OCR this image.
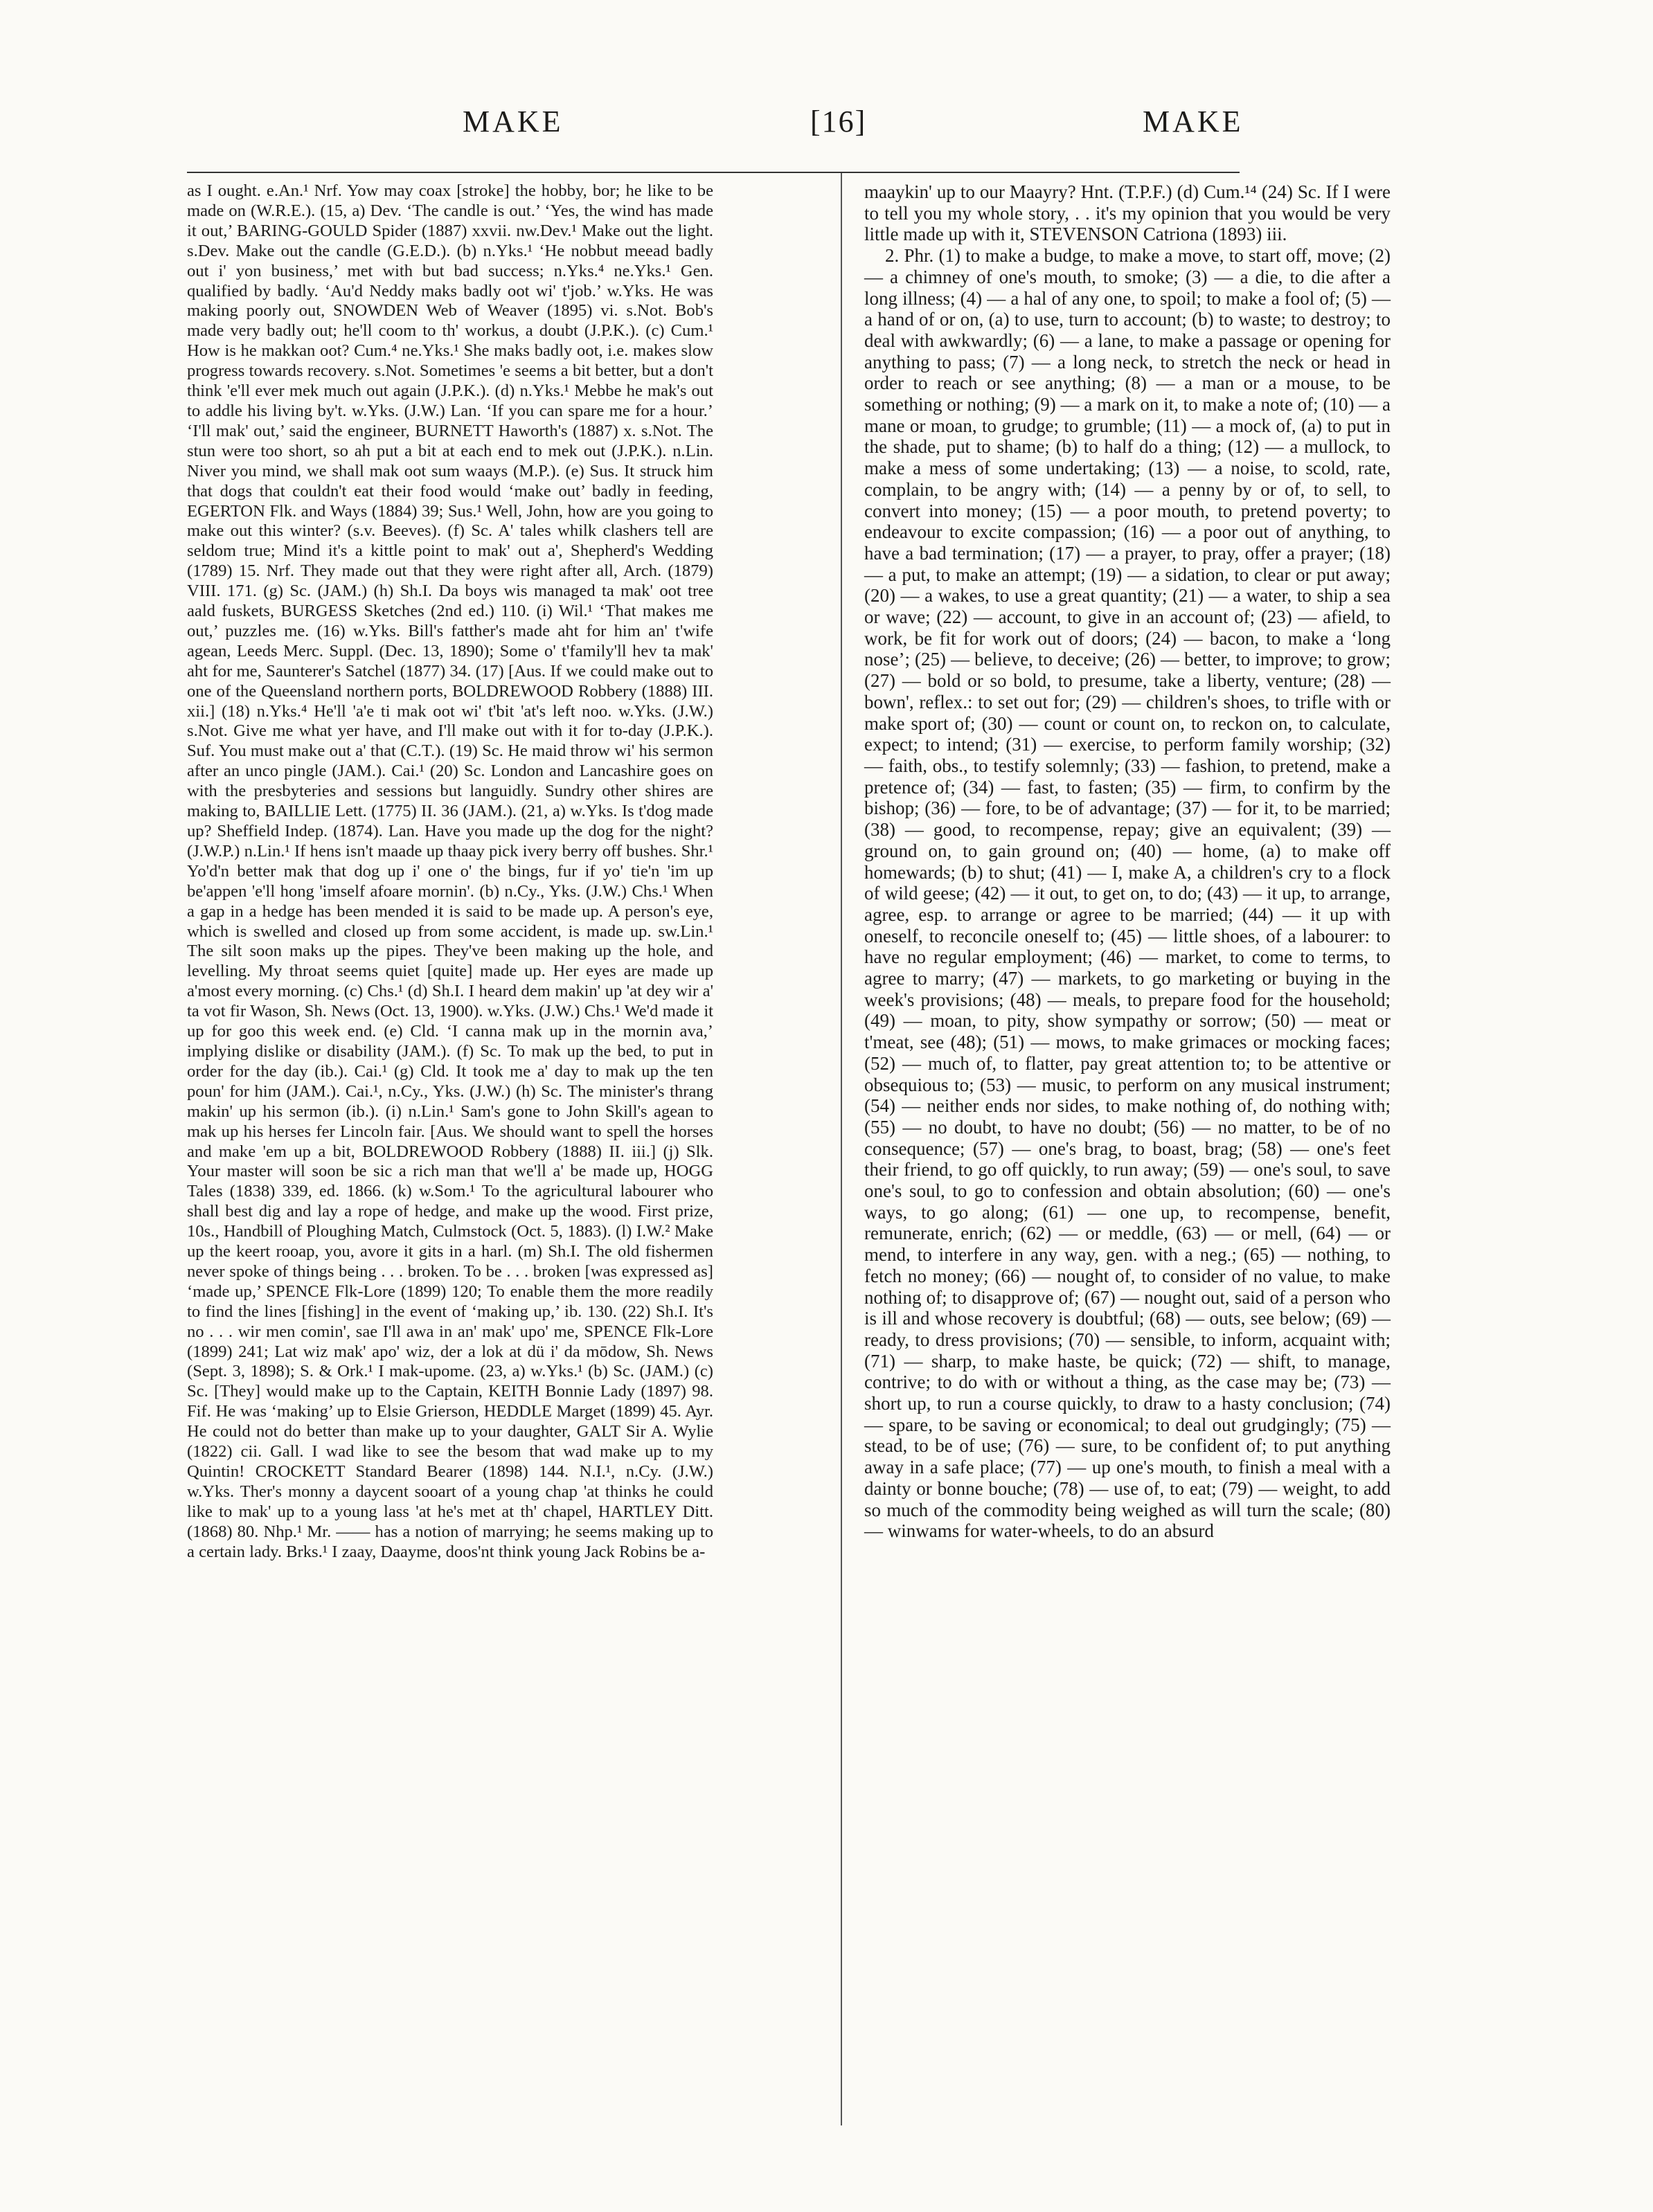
MAKE	[16]	MAKE

as I ought. e.An.¹ Nrf. Yow may coax [stroke] the hobby, bor; he like to be made on (W.R.E.). (15, a) Dev. ‘The candle is out.’ ‘Yes, the wind has made it out,’ BARING-GOULD Spider (1887) xxvii. nw.Dev.¹ Make out the light. s.Dev. Make out the candle (G.E.D.). (b) n.Yks.¹ ‘He nobbut meead badly out i' yon business,’ met with but bad success; n.Yks.⁴ ne.Yks.¹ Gen. qualified by badly. ‘Au'd Neddy maks badly oot wi' t'job.’ w.Yks. He was making poorly out, SNOWDEN Web of Weaver (1895) vi. s.Not. Bob's made very badly out; he'll coom to th' workus, a doubt (J.P.K.). (c) Cum.¹ How is he makkan oot? Cum.⁴ ne.Yks.¹ She maks badly oot, i.e. makes slow progress towards recovery. s.Not. Sometimes 'e seems a bit better, but a don't think 'e'll ever mek much out again (J.P.K.). (d) n.Yks.¹ Mebbe he mak's out to addle his living by't. w.Yks. (J.W.) Lan. ‘If you can spare me for a hour.’ ‘I'll mak' out,’ said the engineer, BURNETT Haworth's (1887) x. s.Not. The stun were too short, so ah put a bit at each end to mek out (J.P.K.). n.Lin. Niver you mind, we shall mak oot sum waays (M.P.). (e) Sus. It struck him that dogs that couldn't eat their food would ‘make out’ badly in feeding, EGERTON Flk. and Ways (1884) 39; Sus.¹ Well, John, how are you going to make out this winter? (s.v. Beeves). (f) Sc. A' tales whilk clashers tell are seldom true; Mind it's a kittle point to mak' out a', Shepherd's Wedding (1789) 15. Nrf. They made out that they were right after all, Arch. (1879) VIII. 171. (g) Sc. (JAM.) (h) Sh.I. Da boys wis managed ta mak' oot tree aald fuskets, BURGESS Sketches (2nd ed.) 110. (i) Wil.¹ ‘That makes me out,’ puzzles me. (16) w.Yks. Bill's fatther's made aht for him an' t'wife agean, Leeds Merc. Suppl. (Dec. 13, 1890); Some o' t'family'll hev ta mak' aht for me, Saunterer's Satchel (1877) 34. (17) [Aus. If we could make out to one of the Queensland northern ports, BOLDREWOOD Robbery (1888) III. xii.] (18) n.Yks.⁴ He'll 'a'e ti mak oot wi' t'bit 'at's left noo. w.Yks. (J.W.) s.Not. Give me what yer have, and I'll make out with it for to-day (J.P.K.). Suf. You must make out a' that (C.T.). (19) Sc. He maid throw wi' his sermon after an unco pingle (JAM.). Cai.¹ (20) Sc. London and Lancashire goes on with the presbyteries and sessions but languidly. Sundry other shires are making to, BAILLIE Lett. (1775) II. 36 (JAM.). (21, a) w.Yks. Is t'dog made up? Sheffield Indep. (1874). Lan. Have you made up the dog for the night? (J.W.P.) n.Lin.¹ If hens isn't maade up thaay pick ivery berry off bushes. Shr.¹ Yo'd'n better mak that dog up i' one o' the bings, fur if yo' tie'n 'im up be'appen 'e'll hong 'imself afoare mornin'. (b) n.Cy., Yks. (J.W.) Chs.¹ When a gap in a hedge has been mended it is said to be made up. A person's eye, which is swelled and closed up from some accident, is made up. sw.Lin.¹ The silt soon maks up the pipes. They've been making up the hole, and levelling. My throat seems quiet [quite] made up. Her eyes are made up a'most every morning. (c) Chs.¹ (d) Sh.I. I heard dem makin' up 'at dey wir a' ta vot fir Wason, Sh. News (Oct. 13, 1900). w.Yks. (J.W.) Chs.¹ We'd made it up for goo this week end. (e) Cld. ‘I canna mak up in the mornin ava,’ implying dislike or disability (JAM.). (f) Sc. To mak up the bed, to put in order for the day (ib.). Cai.¹ (g) Cld. It took me a' day to mak up the ten poun' for him (JAM.). Cai.¹, n.Cy., Yks. (J.W.) (h) Sc. The minister's thrang makin' up his sermon (ib.). (i) n.Lin.¹ Sam's gone to John Skill's agean to mak up his herses fer Lincoln fair. [Aus. We should want to spell the horses and make 'em up a bit, BOLDREWOOD Robbery (1888) II. iii.] (j) Slk. Your master will soon be sic a rich man that we'll a' be made up, HOGG Tales (1838) 339, ed. 1866. (k) w.Som.¹ To the agricultural labourer who shall best dig and lay a rope of hedge, and make up the wood. First prize, 10s., Handbill of Ploughing Match, Culmstock (Oct. 5, 1883). (l) I.W.² Make up the keert rooap, you, avore it gits in a harl. (m) Sh.I. The old fishermen never spoke of things being . . . broken. To be . . . broken [was expressed as] ‘made up,’ SPENCE Flk-Lore (1899) 120; To enable them the more readily to find the lines [fishing] in the event of ‘making up,’ ib. 130. (22) Sh.I. It's no . . . wir men comin', sae I'll awa in an' mak' upo' me, SPENCE Flk-Lore (1899) 241; Lat wiz mak' apo' wiz, der a lok at dü i' da mōdow, Sh. News (Sept. 3, 1898); S. & Ork.¹ I mak-upome. (23, a) w.Yks.¹ (b) Sc. (JAM.) (c) Sc. [They] would make up to the Captain, KEITH Bonnie Lady (1897) 98. Fif. He was ‘making’ up to Elsie Grierson, HEDDLE Marget (1899) 45. Ayr. He could not do better than make up to your daughter, GALT Sir A. Wylie (1822) cii. Gall. I wad like to see the besom that wad make up to my Quintin! CROCKETT Standard Bearer (1898) 144. N.I.¹, n.Cy. (J.W.) w.Yks. Ther's monny a daycent sooart of a young chap 'at thinks he could like to mak' up to a young lass 'at he's met at th' chapel, HARTLEY Ditt. (1868) 80. Nhp.¹ Mr. —— has a notion of marrying; he seems making up to a certain lady. Brks.¹ I zaay, Daayme, doos'nt think young Jack Robins be a-

maaykin' up to our Maayry? Hnt. (T.P.F.) (d) Cum.¹⁴ (24) Sc. If I were to tell you my whole story, . . it's my opinion that you would be very little made up with it, STEVENSON Catriona (1893) iii.

2. Phr. (1) to make a budge, to make a move, to start off, move; (2) — a chimney of one's mouth, to smoke; (3) — a die, to die after a long illness; (4) — a hal of any one, to spoil; to make a fool of; (5) — a hand of or on, (a) to use, turn to account; (b) to waste; to destroy; to deal with awkwardly; (6) — a lane, to make a passage or opening for anything to pass; (7) — a long neck, to stretch the neck or head in order to reach or see anything; (8) — a man or a mouse, to be something or nothing; (9) — a mark on it, to make a note of; (10) — a mane or moan, to grudge; to grumble; (11) — a mock of, (a) to put in the shade, put to shame; (b) to half do a thing; (12) — a mullock, to make a mess of some undertaking; (13) — a noise, to scold, rate, complain, to be angry with; (14) — a penny by or of, to sell, to convert into money; (15) — a poor mouth, to pretend poverty; to endeavour to excite compassion; (16) — a poor out of anything, to have a bad termination; (17) — a prayer, to pray, offer a prayer; (18) — a put, to make an attempt; (19) — a sidation, to clear or put away; (20) — a wakes, to use a great quantity; (21) — a water, to ship a sea or wave; (22) — account, to give in an account of; (23) — afield, to work, be fit for work out of doors; (24) — bacon, to make a ‘long nose’; (25) — believe, to deceive; (26) — better, to improve; to grow; (27) — bold or so bold, to presume, take a liberty, venture; (28) — bown', reflex.: to set out for; (29) — children's shoes, to trifle with or make sport of; (30) — count or count on, to reckon on, to calculate, expect; to intend; (31) — exercise, to perform family worship; (32) — faith, obs., to testify solemnly; (33) — fashion, to pretend, make a pretence of; (34) — fast, to fasten; (35) — firm, to confirm by the bishop; (36) — fore, to be of advantage; (37) — for it, to be married; (38) — good, to recompense, repay; give an equivalent; (39) — ground on, to gain ground on; (40) — home, (a) to make off homewards; (b) to shut; (41) — I, make A, a children's cry to a flock of wild geese; (42) — it out, to get on, to do; (43) — it up, to arrange, agree, esp. to arrange or agree to be married; (44) — it up with oneself, to reconcile oneself to; (45) — little shoes, of a labourer: to have no regular employment; (46) — market, to come to terms, to agree to marry; (47) — markets, to go marketing or buying in the week's provisions; (48) — meals, to prepare food for the household; (49) — moan, to pity, show sympathy or sorrow; (50) — meat or t'meat, see (48); (51) — mows, to make grimaces or mocking faces; (52) — much of, to flatter, pay great attention to; to be attentive or obsequious to; (53) — music, to perform on any musical instrument; (54) — neither ends nor sides, to make nothing of, do nothing with; (55) — no doubt, to have no doubt; (56) — no matter, to be of no consequence; (57) — one's brag, to boast, brag; (58) — one's feet their friend, to go off quickly, to run away; (59) — one's soul, to save one's soul, to go to confession and obtain absolution; (60) — one's ways, to go along; (61) — one up, to recompense, benefit, remunerate, enrich; (62) — or meddle, (63) — or mell, (64) — or mend, to interfere in any way, gen. with a neg.; (65) — nothing, to fetch no money; (66) — nought of, to consider of no value, to make nothing of; to disapprove of; (67) — nought out, said of a person who is ill and whose recovery is doubtful; (68) — outs, see below; (69) — ready, to dress provisions; (70) — sensible, to inform, acquaint with; (71) — sharp, to make haste, be quick; (72) — shift, to manage, contrive; to do with or without a thing, as the case may be; (73) — short up, to run a course quickly, to draw to a hasty conclusion; (74) — spare, to be saving or economical; to deal out grudgingly; (75) — stead, to be of use; (76) — sure, to be confident of; to put anything away in a safe place; (77) — up one's mouth, to finish a meal with a dainty or bonne bouche; (78) — use of, to eat; (79) — weight, to add so much of the commodity being weighed as will turn the scale; (80) — winwams for water-wheels, to do an absurd
